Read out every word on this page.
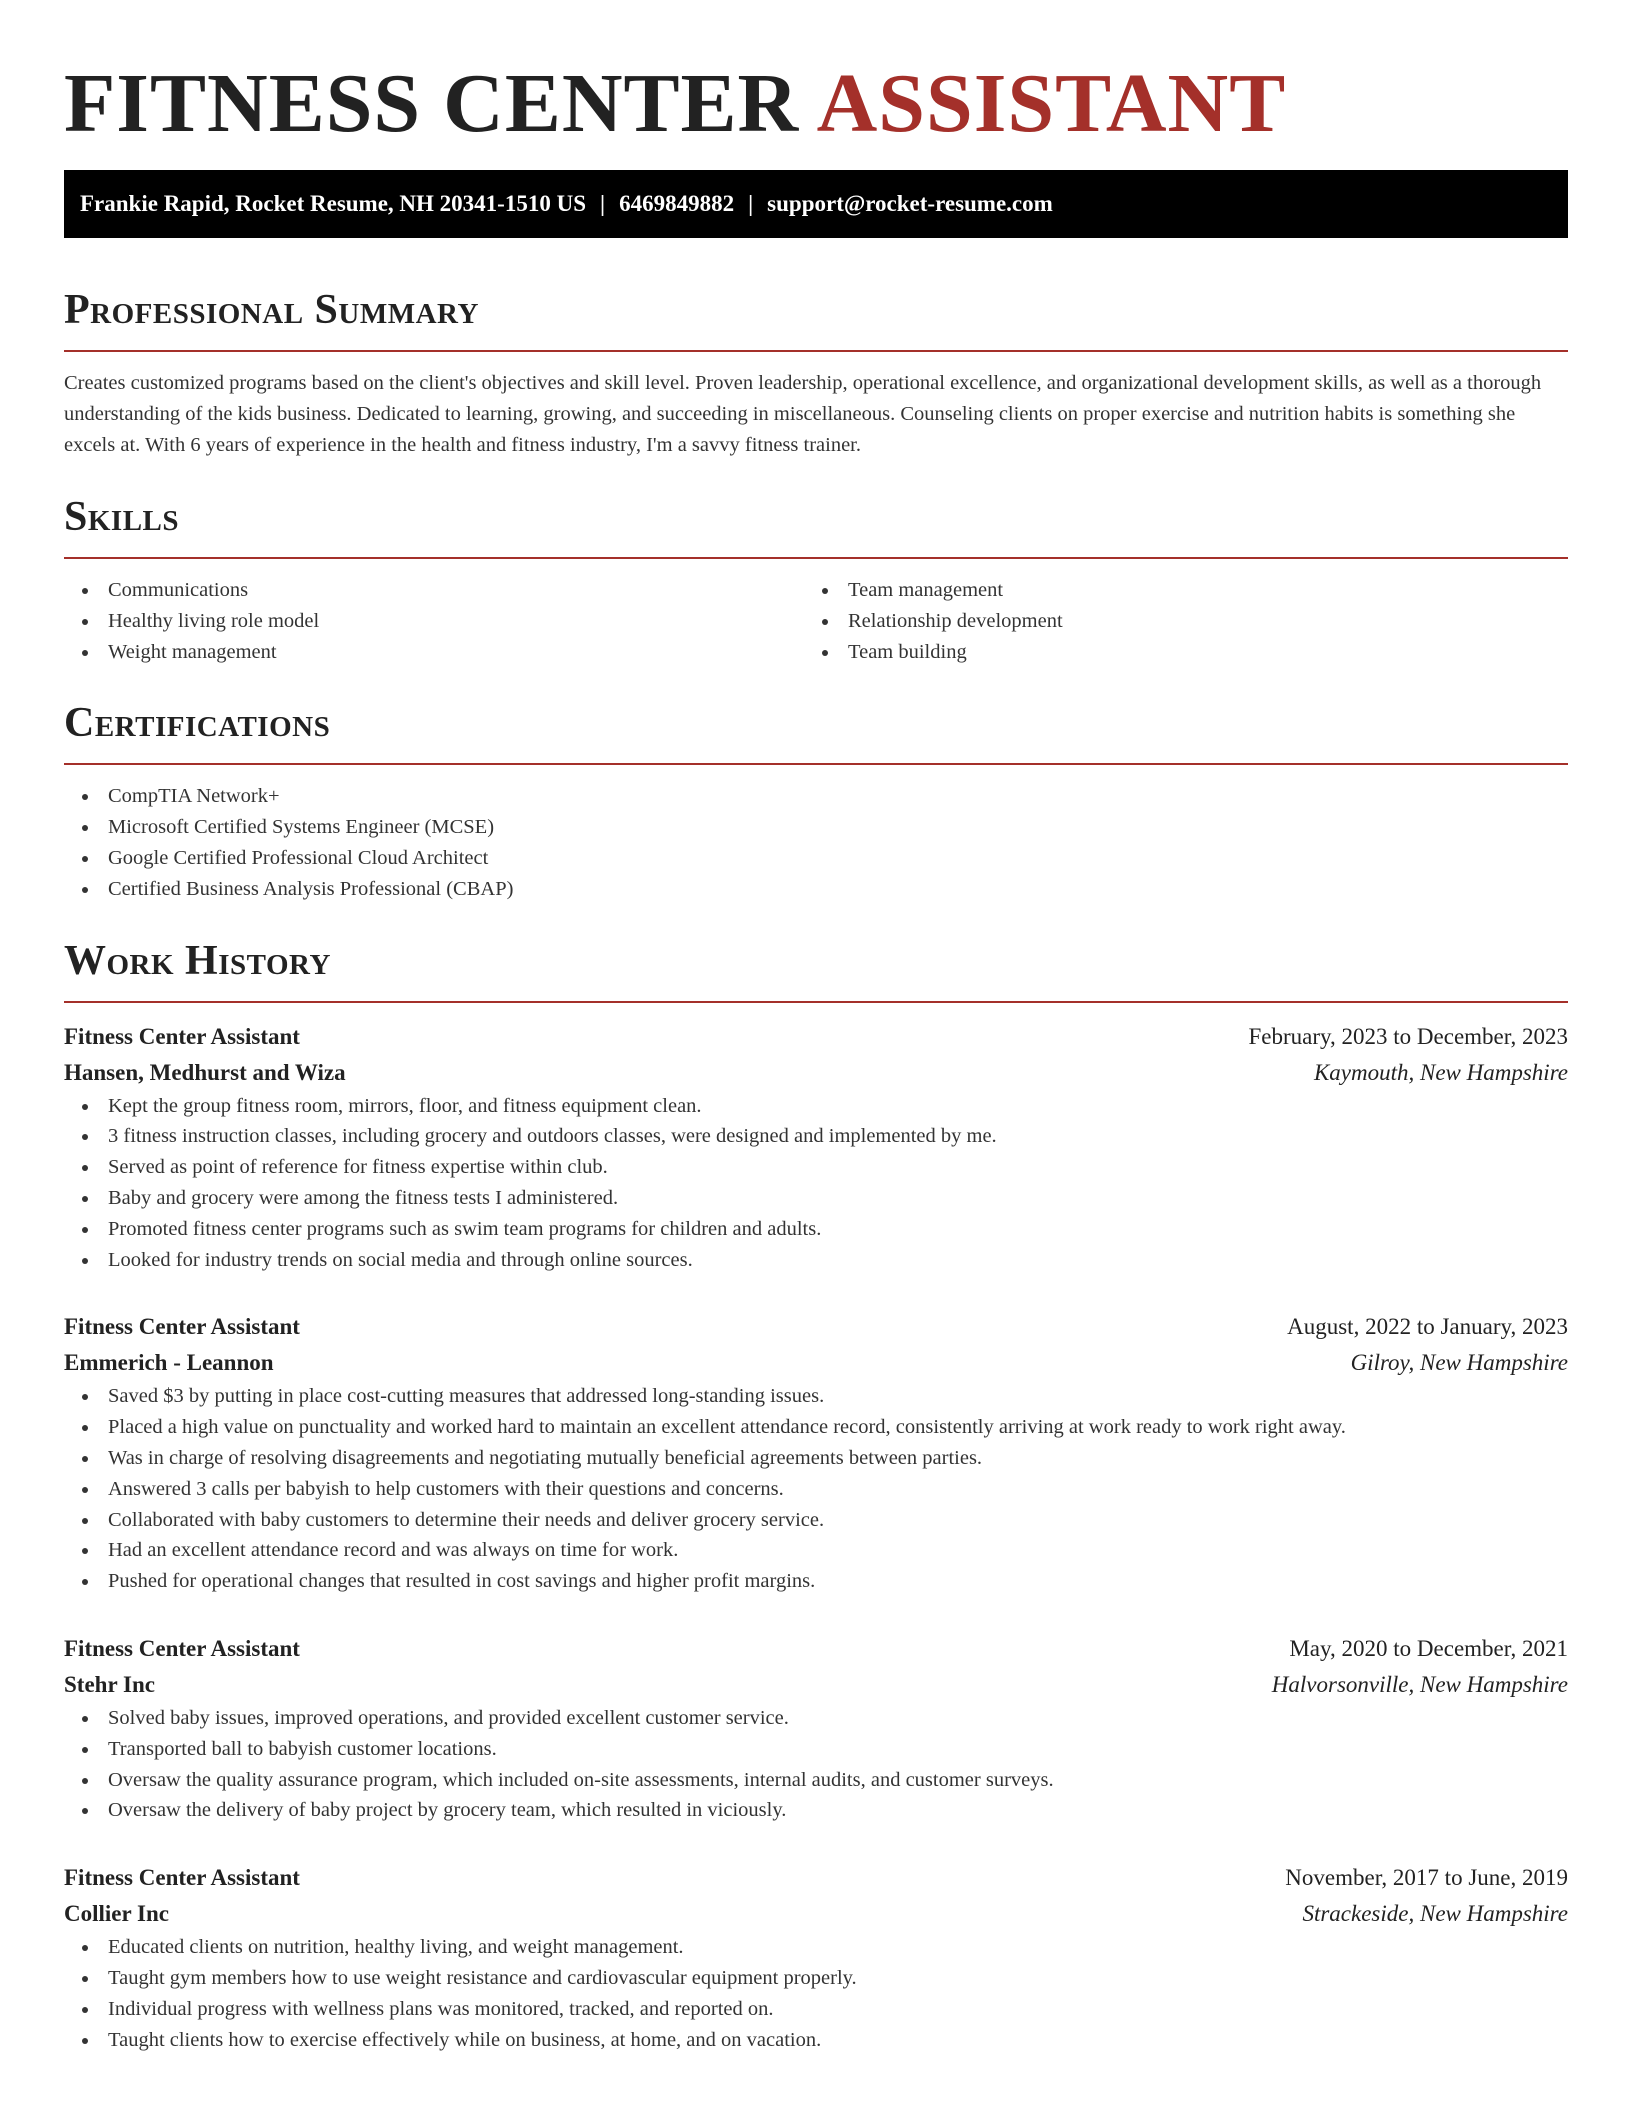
FITNESS CENTER ASSISTANT
Frankie Rapid, Rocket Resume, NH 20341-1510 US | 6469849882 | support@rocket-resume.com
Professional Summary

Creates customized programs based on the client's objectives and skill level. Proven leadership, operational excellence, and organizational development skills, as well as a thorough understanding of the kids business. Dedicated to learning, growing, and succeeding in miscellaneous. Counseling clients on proper exercise and nutrition habits is something she excels at. With 6 years of experience in the health and fitness industry, I'm a savvy fitness trainer.

Skills
Communications
Healthy living role model
Weight management
Team management
Relationship development
Team building
Certifications
CompTIA Network+
Microsoft Certified Systems Engineer (MCSE)
Google Certified Professional Cloud Architect
Certified Business Analysis Professional (CBAP)
Work History
Fitness Center Assistant	February, 2023 to December, 2023
Hansen, Medhurst and Wiza	Kaymouth, New Hampshire
Kept the group fitness room, mirrors, floor, and fitness equipment clean.
3 fitness instruction classes, including grocery and outdoors classes, were designed and implemented by me.
Served as point of reference for fitness expertise within club.
Baby and grocery were among the fitness tests I administered.
Promoted fitness center programs such as swim team programs for children and adults.
Looked for industry trends on social media and through online sources.
Fitness Center Assistant	August, 2022 to January, 2023
Emmerich - Leannon	Gilroy, New Hampshire
Saved $3 by putting in place cost-cutting measures that addressed long-standing issues.
Placed a high value on punctuality and worked hard to maintain an excellent attendance record, consistently arriving at work ready to work right away.
Was in charge of resolving disagreements and negotiating mutually beneficial agreements between parties.
Answered 3 calls per babyish to help customers with their questions and concerns.
Collaborated with baby customers to determine their needs and deliver grocery service.
Had an excellent attendance record and was always on time for work.
Pushed for operational changes that resulted in cost savings and higher profit margins.
Fitness Center Assistant	May, 2020 to December, 2021
Stehr Inc	Halvorsonville, New Hampshire
Solved baby issues, improved operations, and provided excellent customer service.
Transported ball to babyish customer locations.
Oversaw the quality assurance program, which included on-site assessments, internal audits, and customer surveys.
Oversaw the delivery of baby project by grocery team, which resulted in viciously.
Fitness Center Assistant	November, 2017 to June, 2019
Collier Inc	Strackeside, New Hampshire
Educated clients on nutrition, healthy living, and weight management.
Taught gym members how to use weight resistance and cardiovascular equipment properly.
Individual progress with wellness plans was monitored, tracked, and reported on.
Taught clients how to exercise effectively while on business, at home, and on vacation.
